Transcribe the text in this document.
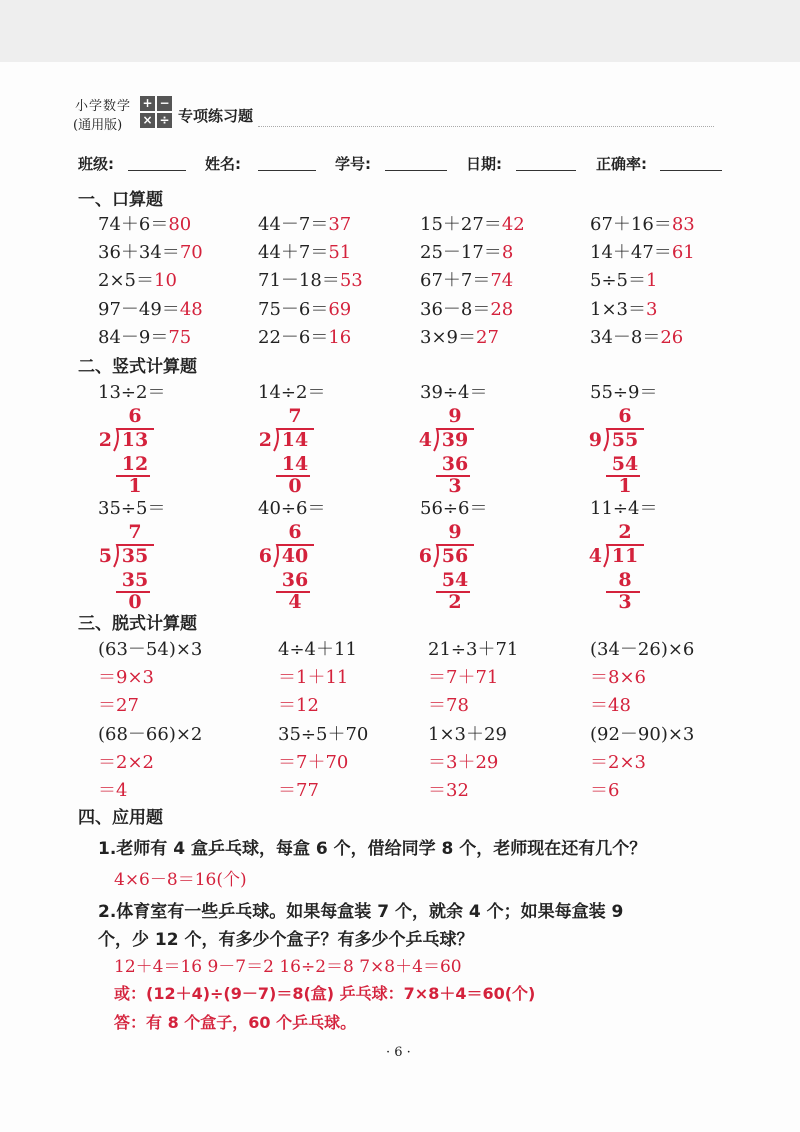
小学数学
(通用版)
+ −
× ÷ 专项练习题
班级:	姓名:	学号:	日期:	正确率:
一、口算题
74＋6＝80	44－7＝37	15＋27＝42	67＋16＝83
36＋34＝70	44＋7＝51	25－17＝8	14＋47＝61
2×5＝10	71－18＝53	67＋7＝74	5÷5＝1
97－49＝48	75－6＝69	36－8＝28	1×3＝3
84－9＝75	22－6＝16	3×9＝27	34－8＝26
二、竖式计算题
13÷2＝
6
2 13
12
1
14÷2＝
7
2 14
14
0
39÷4＝
9
4 39
36
3
55÷9＝
6
9 55
54
1
35÷5＝
7
5 35
35
0
40÷6＝
6
6 40
36
4
56÷6＝
9
6 56
54
2
11÷4＝
2
4 11
8
3
三、脱式计算题
(63－54)×3
＝9×3
＝27
4÷4＋11
＝1＋11
＝12
21÷3＋71
＝7＋71
＝78
(34－26)×6
＝8×6
＝48
(68－66)×2
＝2×2
＝4
35÷5＋70
＝7＋70
＝77
1×3＋29
＝3＋29
＝32
(92－90)×3
＝2×3
＝6
四、应用题
1.老师有 4 盒乒乓球，每盒 6 个，借给同学 8 个，老师现在还有几个？
4×6－8＝16(个)
2.体育室有一些乒乓球。如果每盒装 7 个，就余 4 个；如果每盒装 9
个，少 12 个，有多少个盒子？有多少个乒乓球？
12＋4＝16 9－7＝2 16÷2＝8 7×8＋4＝60
或：(12＋4)÷(9－7)＝8(盒) 乒乓球：7×8＋4＝60(个)
答：有 8 个盒子，60 个乒乓球。
· 6 ·
